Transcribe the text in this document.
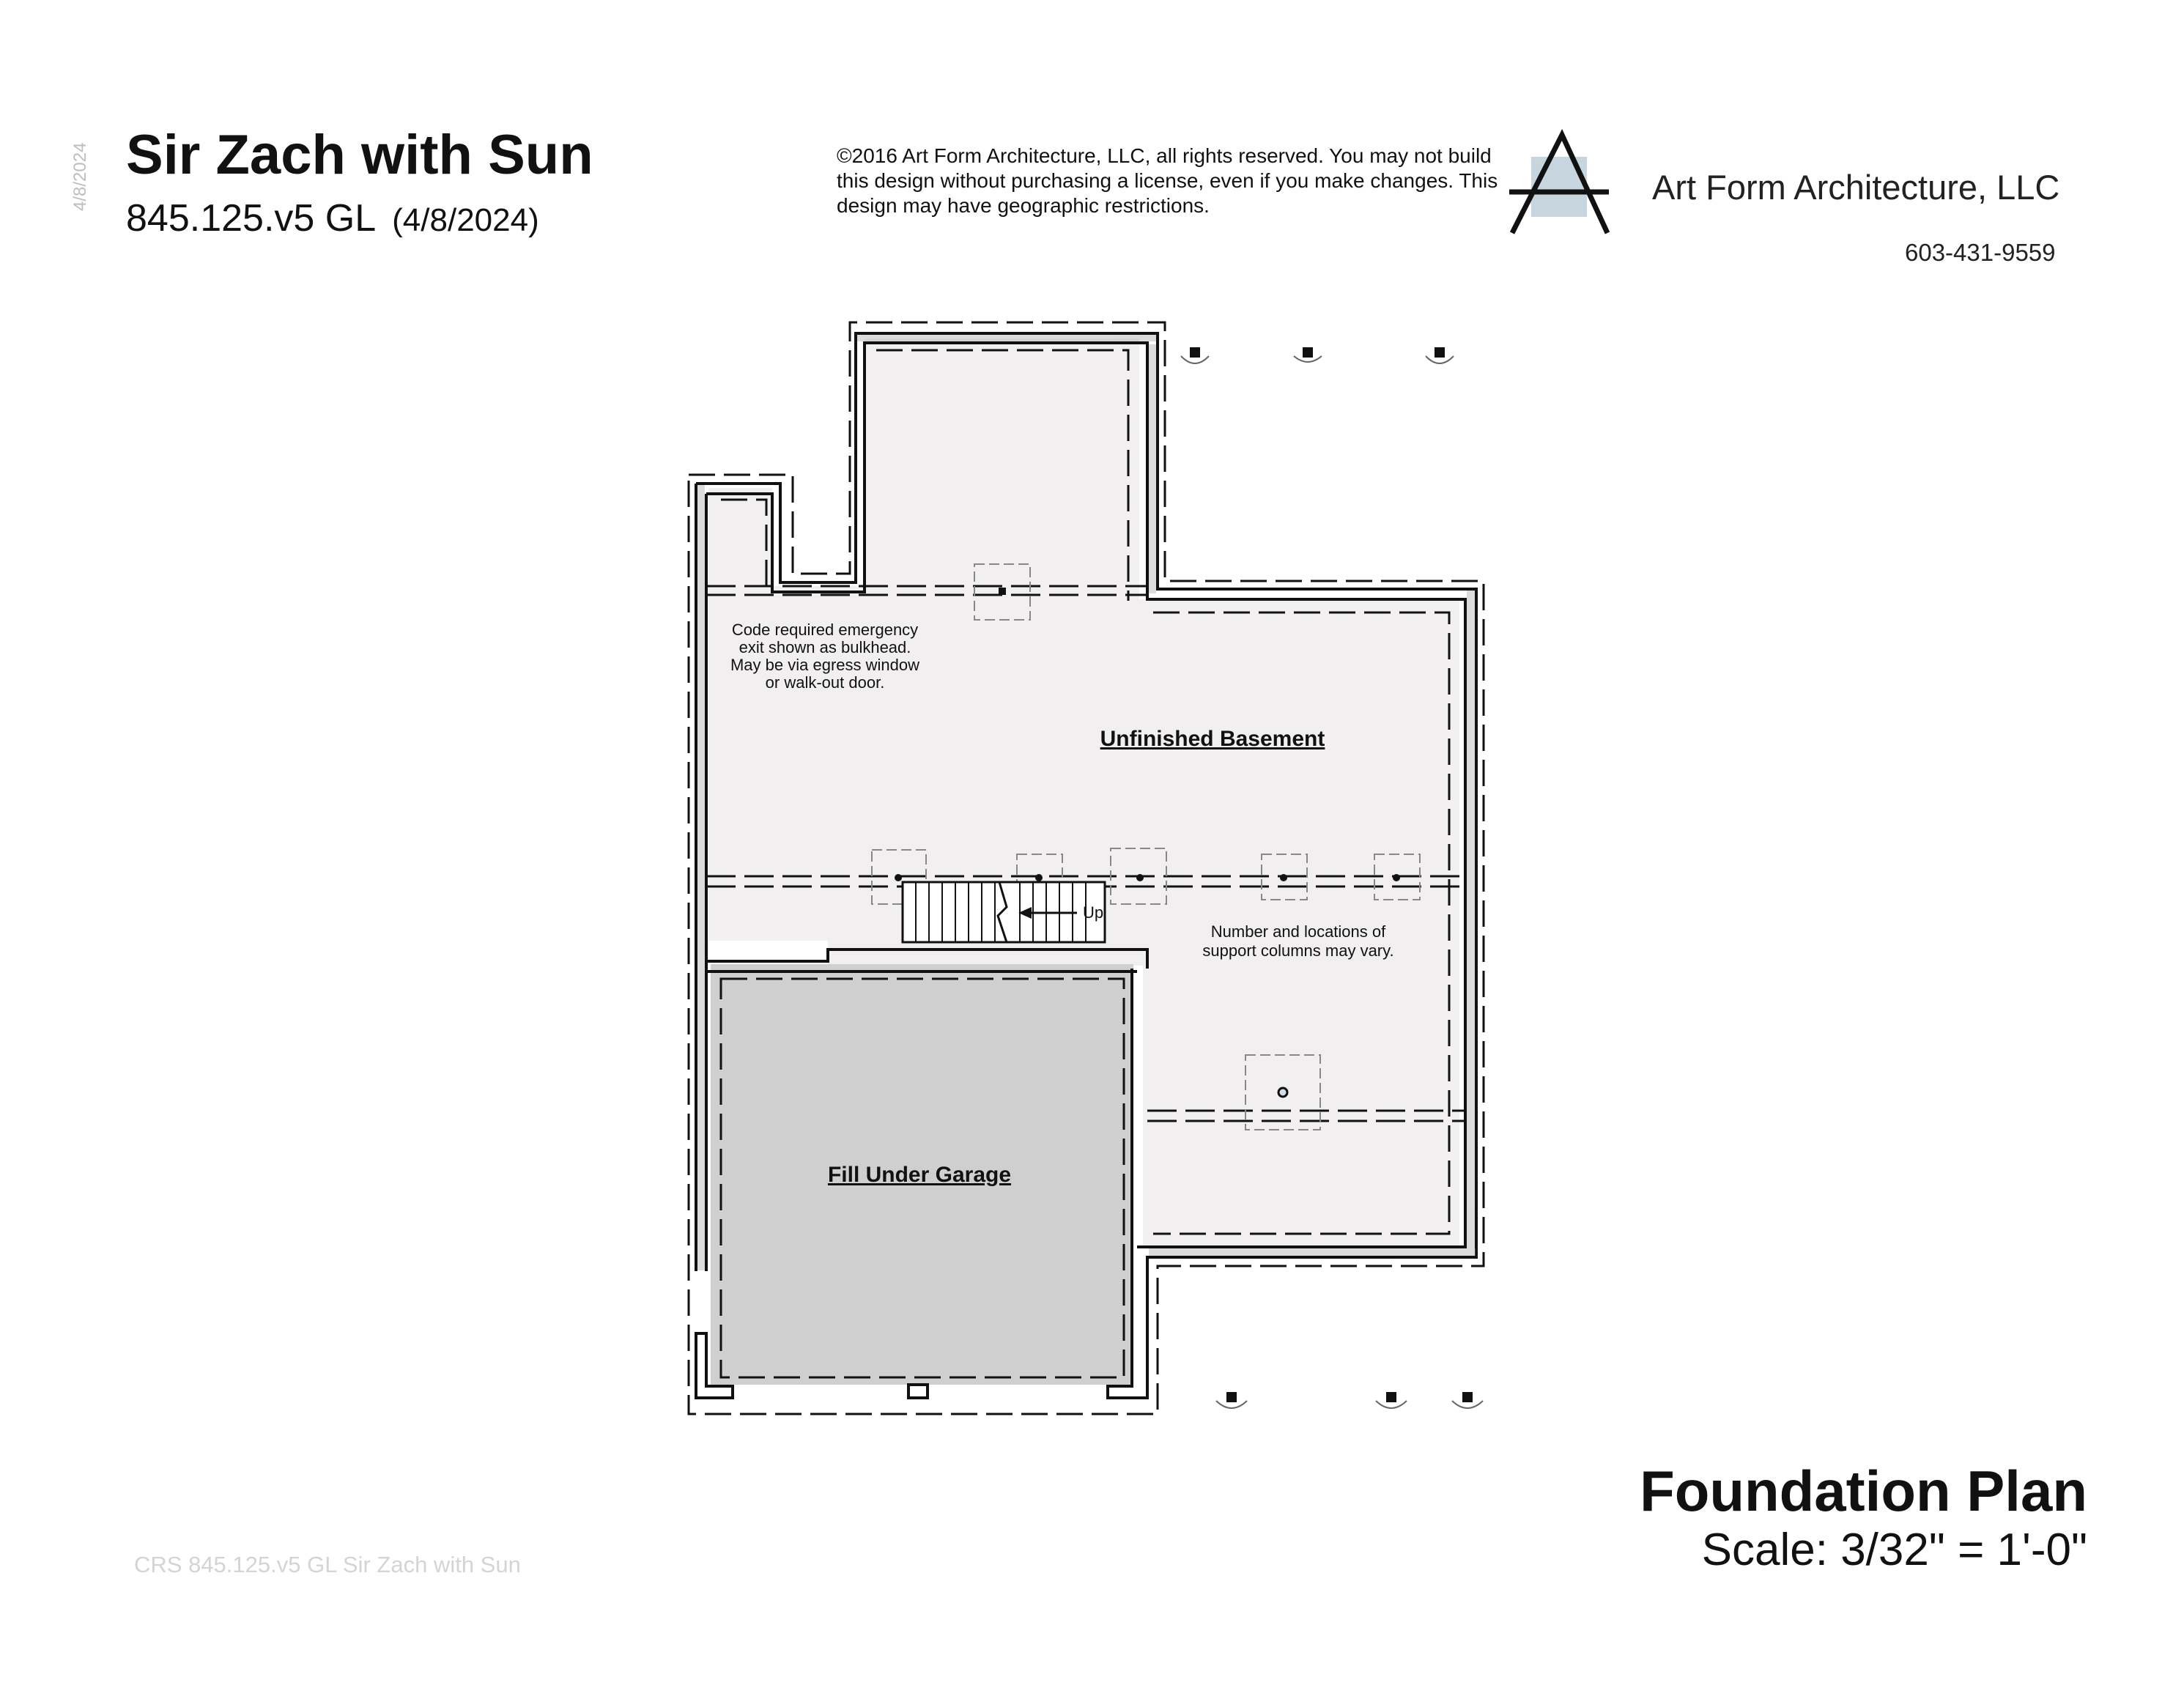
4/8/2024 Sir Zach with Sun
845.125.v5 GL (4/8/2024)
©2016 Art Form Architecture, LLC, all rights reserved. You may not build this design without purchasing a license, even if you make changes. This design may have geographic restrictions.	Art Form Architecture, LLC
603-431-9559
Unfinished Basement
Fill Under Garage
Up
Code required emergency
exit shown as bulkhead.
May be via egress window
or walk-out door.
Number and locations of
support columns may vary.
CRS 845.125.v5 GL Sir Zach with Sun
Foundation Plan
Scale: 3/32" = 1'-0"
